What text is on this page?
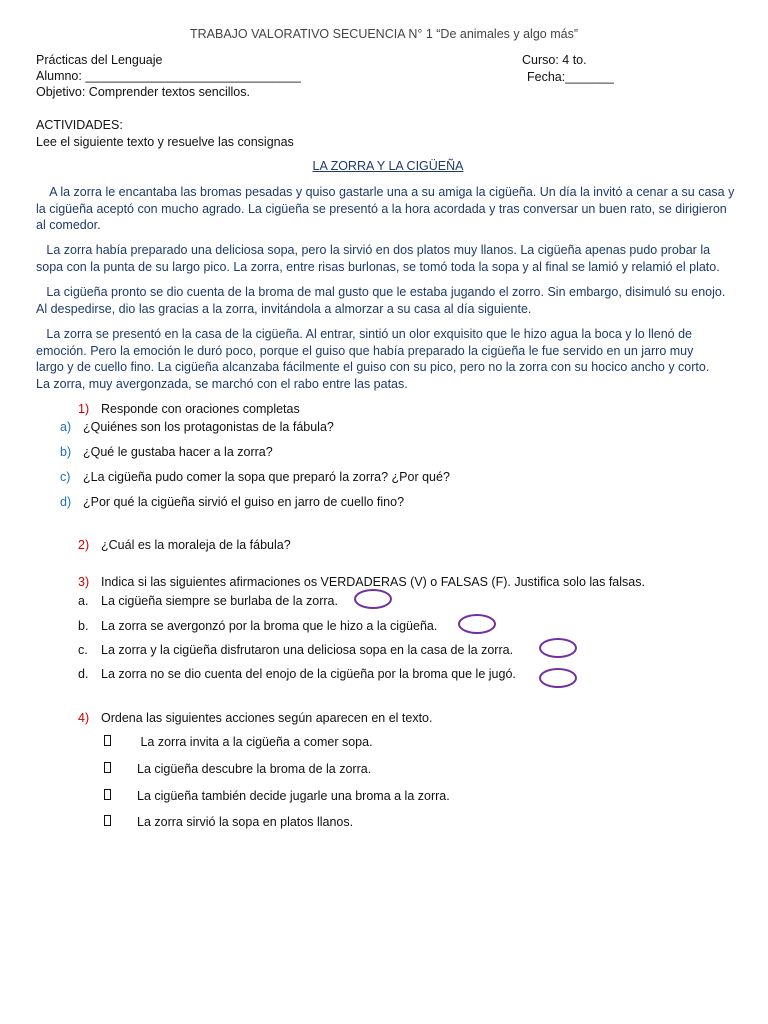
TRABAJO VALORATIVO SECUENCIA N° 1 “De animales y algo más”
Prácticas del Lenguaje	Curso: 4 to.
Alumno: _______________________________	Fecha:_______
Objetivo: Comprender textos sencillos.
ACTIVIDADES:
Lee el siguiente texto y resuelve las consignas
LA ZORRA Y LA CIGÜEÑA
A la zorra le encantaba las bromas pesadas y quiso gastarle una a su amiga la cigüeña. Un día la invitó a cenar a su casa y
la cigüeña aceptó con mucho agrado. La cigüeña se presentó a la hora acordada y tras conversar un buen rato, se dirigieron
al comedor.
La zorra había preparado una deliciosa sopa, pero la sirvió en dos platos muy llanos. La cigüeña apenas pudo probar la
sopa con la punta de su largo pico. La zorra, entre risas burlonas, se tomó toda la sopa y al final se lamió y relamió el plato.
La cigüeña pronto se dio cuenta de la broma de mal gusto que le estaba jugando el zorro. Sin embargo, disimuló su enojo.
Al despedirse, dio las gracias a la zorra, invitándola a almorzar a su casa al día siguiente.
La zorra se presentó en la casa de la cigüeña. Al entrar, sintió un olor exquisito que le hizo agua la boca y lo llenó de
emoción. Pero la emoción le duró poco, porque el guiso que había preparado la cigüeña le fue servido en un jarro muy
largo y de cuello fino. La cigüeña alcanzaba fácilmente el guiso con su pico, pero no la zorra con su hocico ancho y corto.
La zorra, muy avergonzada, se marchó con el rabo entre las patas.
1) Responde con oraciones completas
a) ¿Quiénes son los protagonistas de la fábula?
b) ¿Qué le gustaba hacer a la zorra?
c) ¿La cigüeña pudo comer la sopa que preparó la zorra? ¿Por qué?
d) ¿Por qué la cigüeña sirvió el guiso en jarro de cuello fino?
2) ¿Cuál es la moraleja de la fábula?
3) Indica si las siguientes afirmaciones os VERDADERAS (V) o FALSAS (F). Justifica solo las falsas.
a. La cigüeña siempre se burlaba de la zorra.
b. La zorra se avergonzó por la broma que le hizo a la cigüeña.
c. La zorra y la cigüeña disfrutaron una deliciosa sopa en la casa de la zorra.
d. La zorra no se dio cuenta del enojo de la cigüeña por la broma que le jugó.
4) Ordena las siguientes acciones según aparecen en el texto.
La zorra invita a la cigüeña a comer sopa.
La cigüeña descubre la broma de la zorra.
La cigüeña también decide jugarle una broma a la zorra.
La zorra sirvió la sopa en platos llanos.
